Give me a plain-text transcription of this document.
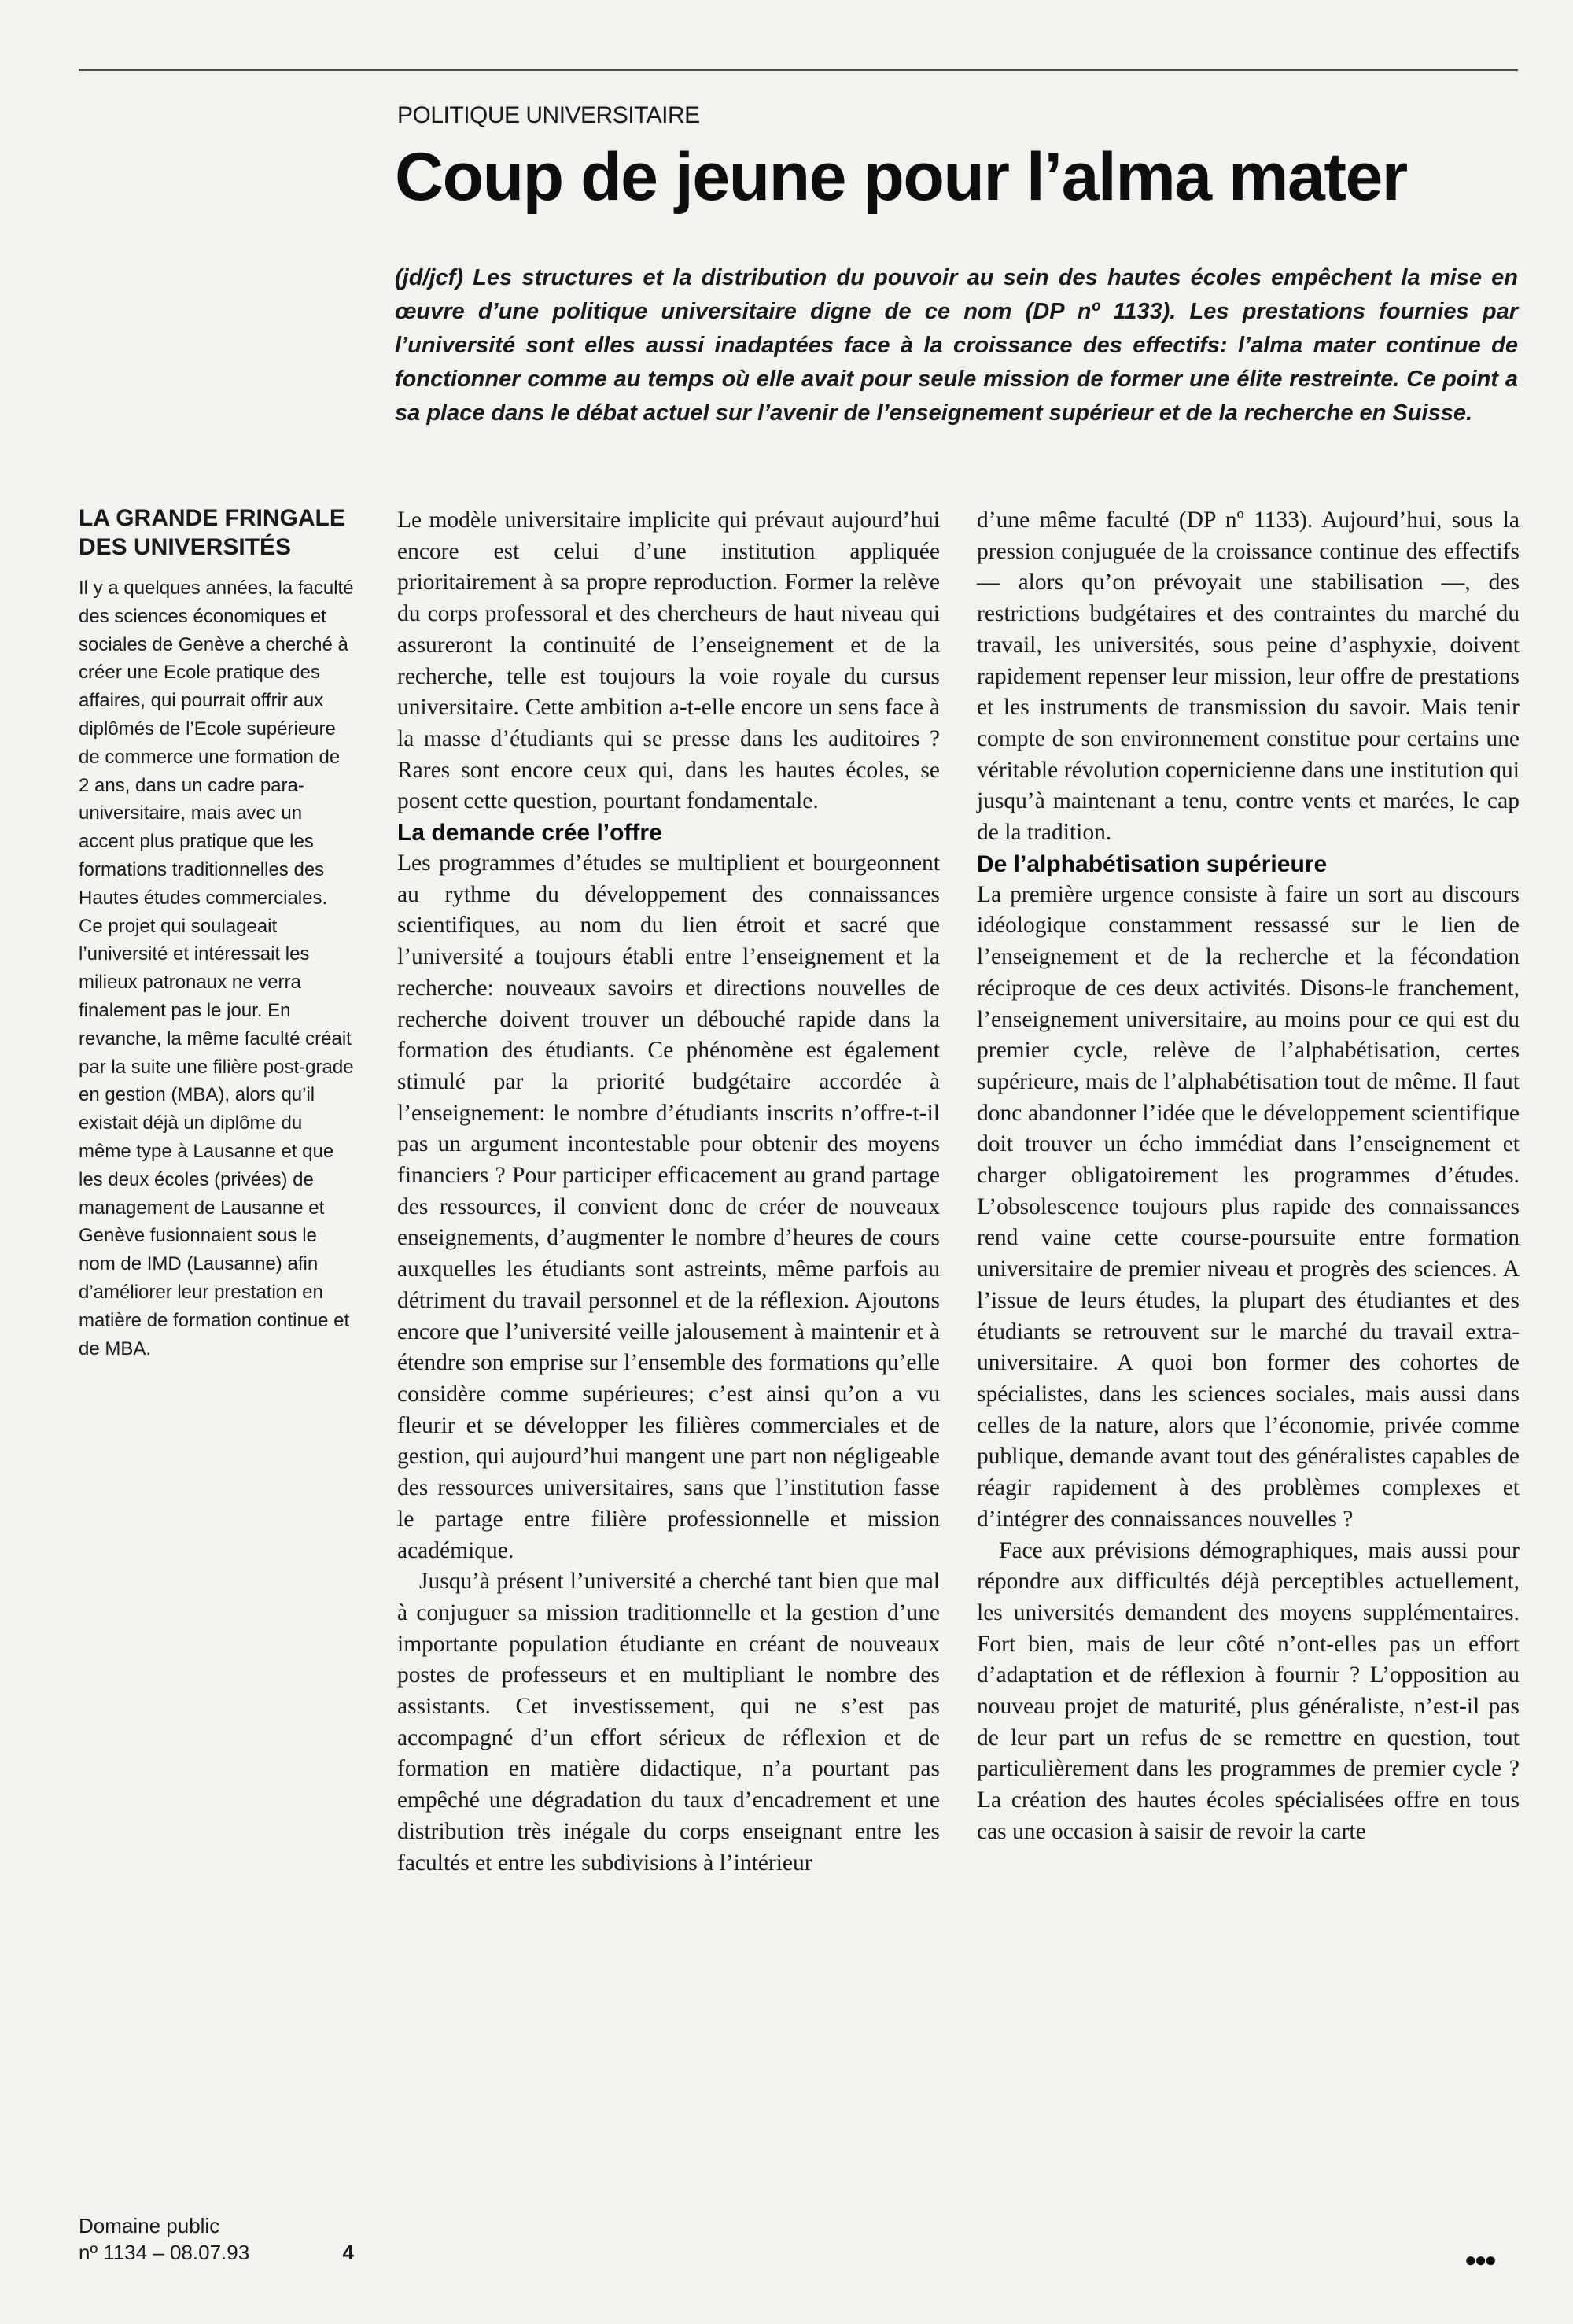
POLITIQUE UNIVERSITAIRE
Coup de jeune pour l’alma mater
(jd/jcf) Les structures et la distribution du pouvoir au sein des hautes écoles empêchent la mise en œuvre d’une politique universitaire digne de ce nom (DP nº 1133). Les prestations fournies par l’université sont elles aussi inadaptées face à la croissance des effectifs: l’alma mater continue de fonctionner comme au temps où elle avait pour seule mission de former une élite restreinte. Ce point a sa place dans le débat actuel sur l’avenir de l’enseignement supérieur et de la recherche en Suisse.

LA GRANDE FRINGALE DES UNIVERSITÉS

Il y a quelques années, la faculté des sciences économiques et sociales de Genève a cherché à créer une Ecole pratique des affaires, qui pourrait offrir aux diplômés de l’Ecole supérieure de commerce une formation de 2 ans, dans un cadre para-universitaire, mais avec un accent plus pratique que les formations traditionnelles des Hautes études commerciales. Ce projet qui soulageait l’université et intéressait les milieux patronaux ne verra finalement pas le jour. En revanche, la même faculté créait par la suite une filière post-grade en gestion (MBA), alors qu’il existait déjà un diplôme du même type à Lausanne et que les deux écoles (privées) de management de Lausanne et Genève fusionnaient sous le nom de IMD (Lausanne) afin d’améliorer leur prestation en matière de formation continue et de MBA.

Domaine public
nº 1134 – 08.07.93	4

Le modèle universitaire implicite qui prévaut aujourd’hui encore est celui d’une institution appliquée prioritairement à sa propre reproduction. Former la relève du corps professoral et des chercheurs de haut niveau qui assureront la continuité de l’enseignement et de la recherche, telle est toujours la voie royale du cursus universitaire. Cette ambition a-t-elle encore un sens face à la masse d’étudiants qui se presse dans les auditoires ? Rares sont encore ceux qui, dans les hautes écoles, se posent cette question, pourtant fondamentale.

La demande crée l’offre

Les programmes d’études se multiplient et bourgeonnent au rythme du développement des connaissances scientifiques, au nom du lien étroit et sacré que l’université a toujours établi entre l’enseignement et la recherche: nouveaux savoirs et directions nouvelles de recherche doivent trouver un débouché rapide dans la formation des étudiants. Ce phénomène est également stimulé par la priorité budgétaire accordée à l’enseignement: le nombre d’étudiants inscrits n’offre-t-il pas un argument incontestable pour obtenir des moyens financiers ? Pour participer efficacement au grand partage des ressources, il convient donc de créer de nouveaux enseignements, d’augmenter le nombre d’heures de cours auxquelles les étudiants sont astreints, même parfois au détriment du travail personnel et de la réflexion. Ajoutons encore que l’université veille jalousement à maintenir et à étendre son emprise sur l’ensemble des formations qu’elle considère comme supérieures; c’est ainsi qu’on a vu fleurir et se développer les filières commerciales et de gestion, qui aujourd’hui mangent une part non négligeable des ressources universitaires, sans que l’institution fasse le partage entre filière professionnelle et mission académique.

Jusqu’à présent l’université a cherché tant bien que mal à conjuguer sa mission traditionnelle et la gestion d’une importante population étudiante en créant de nouveaux postes de professeurs et en multipliant le nombre des assistants. Cet investissement, qui ne s’est pas accompagné d’un effort sérieux de réflexion et de formation en matière didactique, n’a pourtant pas empêché une dégradation du taux d’encadrement et une distribution très inégale du corps enseignant entre les facultés et entre les subdivisions à l’intérieur

d’une même faculté (DP nº 1133). Aujourd’hui, sous la pression conjuguée de la croissance continue des effectifs — alors qu’on prévoyait une stabilisation —, des restrictions budgétaires et des contraintes du marché du travail, les universités, sous peine d’asphyxie, doivent rapidement repenser leur mission, leur offre de prestations et les instruments de transmission du savoir. Mais tenir compte de son environnement constitue pour certains une véritable révolution copernicienne dans une institution qui jusqu’à maintenant a tenu, contre vents et marées, le cap de la tradition.

De l’alphabétisation supérieure

La première urgence consiste à faire un sort au discours idéologique constamment ressassé sur le lien de l’enseignement et de la recherche et la fécondation réciproque de ces deux activités. Disons-le franchement, l’enseignement universitaire, au moins pour ce qui est du premier cycle, relève de l’alphabétisation, certes supérieure, mais de l’alphabétisation tout de même. Il faut donc abandonner l’idée que le développement scientifique doit trouver un écho immédiat dans l’enseignement et charger obligatoirement les programmes d’études. L’obsolescence toujours plus rapide des connaissances rend vaine cette course-poursuite entre formation universitaire de premier niveau et progrès des sciences. A l’issue de leurs études, la plupart des étudiantes et des étudiants se retrouvent sur le marché du travail extra-universitaire. A quoi bon former des cohortes de spécialistes, dans les sciences sociales, mais aussi dans celles de la nature, alors que l’économie, privée comme publique, demande avant tout des généralistes capables de réagir rapidement à des problèmes complexes et d’intégrer des connaissances nouvelles ?

Face aux prévisions démographiques, mais aussi pour répondre aux difficultés déjà perceptibles actuellement, les universités demandent des moyens supplémentaires. Fort bien, mais de leur côté n’ont-elles pas un effort d’adaptation et de réflexion à fournir ? L’opposition au nouveau projet de maturité, plus généraliste, n’est-il pas de leur part un refus de se remettre en question, tout particulièrement dans les programmes de premier cycle ? La création des hautes écoles spécialisées offre en tous cas une occasion à saisir de revoir la carte

●●●
